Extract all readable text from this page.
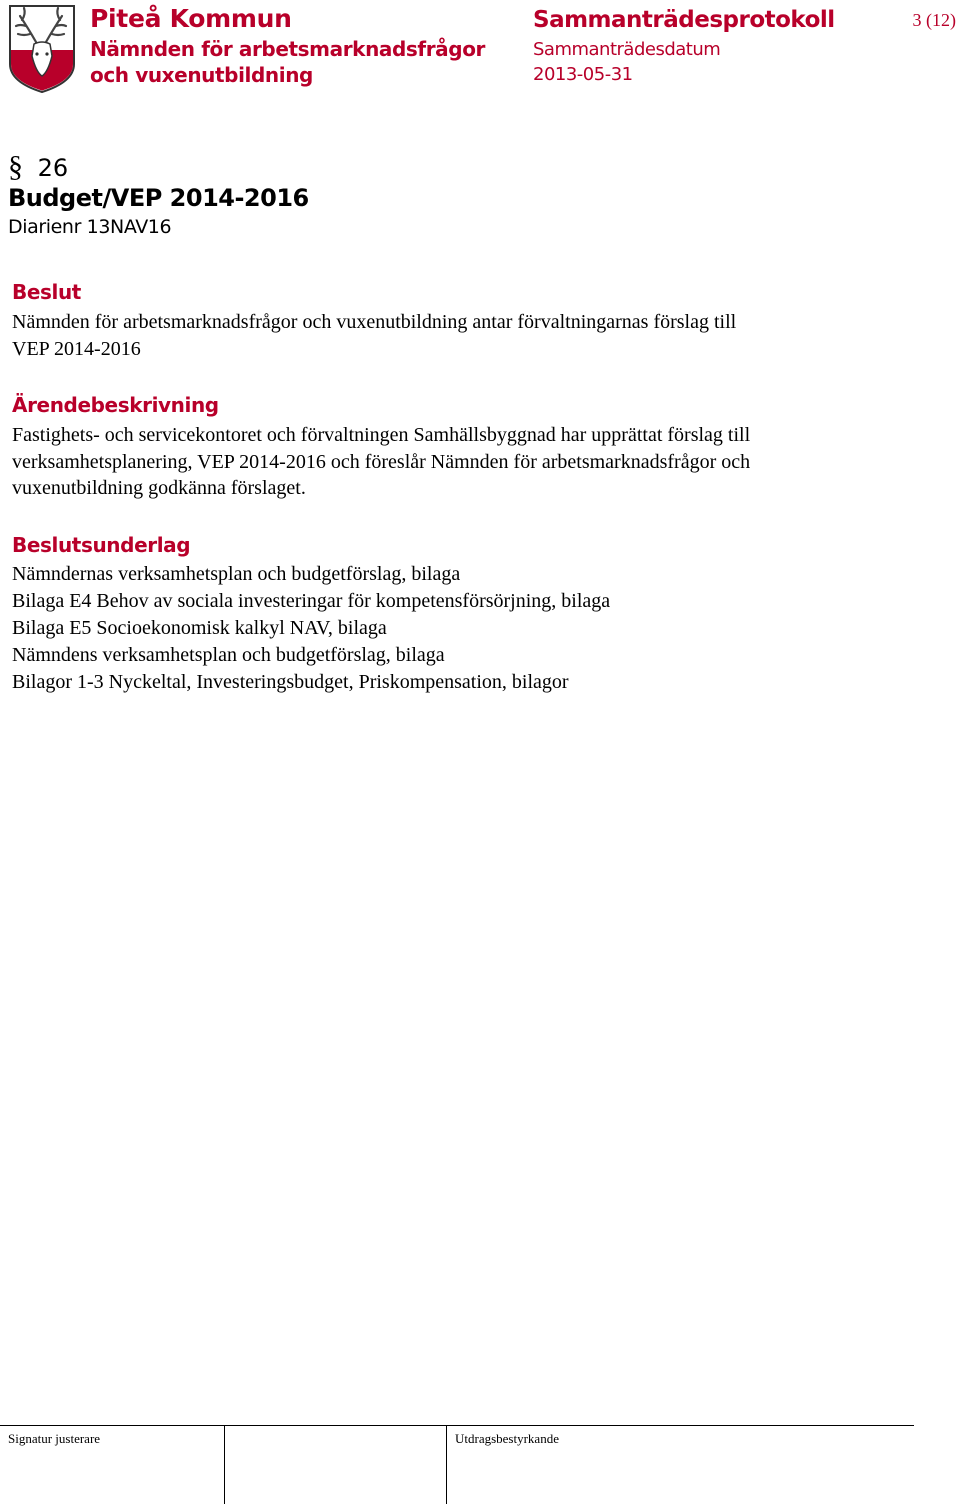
Piteå Kommun
Nämnden för arbetsmarknadsfrågor
och vuxenutbildning
Sammanträdesprotokoll
Sammanträdesdatum
2013-05-31
3 (12)
§ 26
Budget/VEP 2014-2016
Diarienr 13NAV16
Beslut
Nämnden för arbetsmarknadsfrågor och vuxenutbildning antar förvaltningarnas förslag till
VEP 2014-2016
Ärendebeskrivning
Fastighets- och servicekontoret och förvaltningen Samhällsbyggnad har upprättat förslag till
verksamhetsplanering, VEP 2014-2016 och föreslår Nämnden för arbetsmarknadsfrågor och
vuxenutbildning godkänna förslaget.
Beslutsunderlag
Nämndernas verksamhetsplan och budgetförslag, bilaga
Bilaga E4 Behov av sociala investeringar för kompetensförsörjning, bilaga
Bilaga E5 Socioekonomisk kalkyl NAV, bilaga
Nämndens verksamhetsplan och budgetförslag, bilaga
Bilagor 1-3 Nyckeltal, Investeringsbudget, Priskompensation, bilagor
Signatur justerare	Utdragsbestyrkande
